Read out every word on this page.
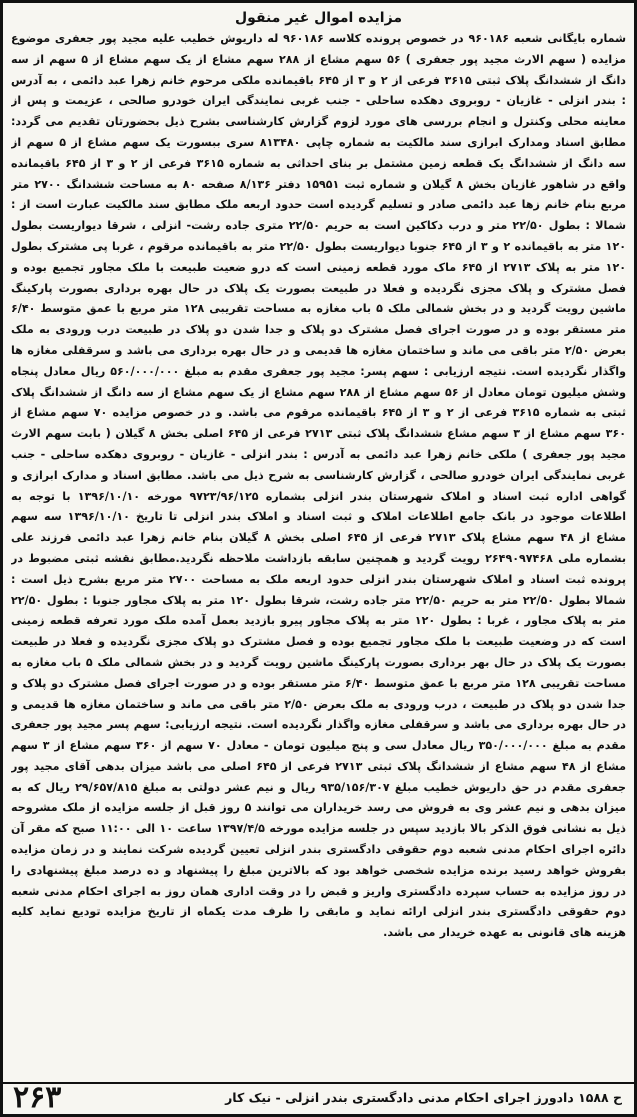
مزایده اموال غیر منقول
شماره بایگانی شعبه ۹۶۰۱۸۶ در خصوص پرونده کلاسه ۹۶۰۱۸۶ له داریوش خطیب علیه مجید پور جعفری موضوع مزایده ( سهم الارث مجید پور جعفری ) ۵۶ سهم مشاع از ۲۸۸ سهم مشاع از یک سهم مشاع از ۵ سهم از سه دانگ از ششدانگ پلاک ثبتی ۳۶۱۵ فرعی از ۲ و ۳ از ۶۴۵ باقیمانده ملکی مرحوم خانم زهرا عبد دائمی ، به آدرس : بندر انزلی - غازیان - روبروی دهکده ساحلی - جنب غربی نمایندگی ایران خودرو صالحی ، عزیمت و پس از معاینه محلی وکنترل و انجام بررسی های مورد لزوم گزارش کارشناسی بشرح ذیل بحضورتان تقدیم می گردد: مطابق اسناد ومدارک ابرازی سند مالکیت به شماره چاپی ۸۱۳۴۸۰ سری ببسورت یک سهم مشاع از ۵ سهم از سه دانگ از ششدانگ یک قطعه زمین مشتمل بر بنای احداثی به شماره ۳۶۱۵ فرعی از ۲ و ۳ از ۶۴۵ باقیمانده واقع در شاهور غازیان بخش ۸ گیلان و شماره ثبت ۱۵۹۵۱ دفتر ۸/۱۳۶ صفحه ۸۰ به مساحت ششدانگ ۲۷۰۰ متر مربع بنام خانم زها عبد دائمی صادر و تسلیم گردیده است حدود اربعه ملک مطابق سند مالکیت عبارت است از : شمالا : بطول ۲۲/۵۰ متر و درب دکاکین است به حریم ۲۲/۵۰ متری جاده رشت- انزلی ، شرقا دیواریست بطول ۱۲۰ متر به باقیمانده ۲ و ۳ از ۶۴۵ جنوبا دیواریست بطول ۲۲/۵۰ متر به باقیمانده مرقوم ، غربا پی مشترک بطول ۱۲۰ متر به پلاک ۲۷۱۳ از ۶۴۵ ماک مورد قطعه زمینی است که درو ضعیت طبیعت با ملک مجاور تجمیع بوده و فصل مشترک و پلاک مجزی نگردیده و فعلا در طبیعت بصورت یک پلاک در حال بهره برداری بصورت پارکینگ ماشین رویت گردید و در بخش شمالی ملک ۵ باب مغازه به مساحت تقریبی ۱۲۸ متر مربع با عمق متوسط ۶/۴۰ متر مستقر بوده و در صورت اجرای فصل مشترک دو پلاک و جدا شدن دو پلاک در طبیعت درب ورودی به ملک بعرض ۲/۵۰ متر باقی می ماند و ساختمان مغازه ها قدیمی و در حال بهره برداری می باشد و سرقفلی مغازه ها واگذار نگردیده است. نتیجه ارزیابی : سهم پسر: مجید پور جعفری مقدم به مبلغ ۵۶۰/۰۰۰/۰۰۰ ریال معادل پنجاه وشش میلیون تومان معادل از ۵۶ سهم مشاع از ۲۸۸ سهم مشاع از یک سهم مشاع از سه دانگ از ششدانگ پلاک ثبتی به شماره ۳۶۱۵ فرعی از ۲ و ۳ از ۶۴۵ باقیمانده مرقوم می باشد. و در خصوص مزایده ۷۰ سهم مشاع از ۳۶۰ سهم مشاع از ۳ سهم مشاع ششدانگ پلاک ثبتی ۲۷۱۳ فرعی از ۶۴۵ اصلی بخش ۸ گیلان ( بابت سهم الارث مجید پور جعفری ) ملکی خانم زهرا عبد دائمی به آدرس : بندر انزلی - غازیان - روبروی دهکده ساحلی - جنب غربی نمایندگی ایران خودرو صالحی ، گزارش کارشناسی به شرح ذیل می باشد. مطابق اسناد و مدارک ابرازی و گواهی اداره ثبت اسناد و املاک شهرستان بندر انزلی بشماره ۹۷۲۳/۹۶/۱۲۵ مورخه ۱۳۹۶/۱۰/۱۰ با توجه به اطلاعات موجود در بانک جامع اطلاعات املاک و ثبت اسناد و املاک بندر انزلی تا تاریخ ۱۳۹۶/۱۰/۱۰ سه سهم مشاع از ۴۸ سهم مشاع پلاک ۲۷۱۳ فرعی از ۶۴۵ اصلی بخش ۸ گیلان بنام خانم زهرا عبد دائمی فرزند علی بشماره ملی ۲۶۴۹۰۹۷۴۶۸ رویت گردید و همچنین سابقه بازداشت ملاحظه نگردید.مطابق نقشه ثبتی مضبوط در پرونده ثبت اسناد و املاک شهرستان بندر انزلی حدود اربعه ملک به مساحت ۲۷۰۰ متر مربع بشرح ذیل است : شمالا بطول ۲۲/۵۰ متر به حریم ۲۲/۵۰ متر جاده رشت، شرقا بطول ۱۲۰ متر به پلاک مجاور جنوبا : بطول ۲۲/۵۰ متر به پلاک مجاور ، غربا : بطول ۱۲۰ متر به پلاک مجاور پیرو بازدید بعمل آمده ملک مورد تعرفه قطعه زمینی است که در وضعیت طبیعت با ملک مجاور تجمیع بوده و فصل مشترک دو پلاک مجزی نگردیده و فعلا در طبیعت بصورت یک پلاک در حال بهر برداری بصورت پارکینگ ماشین رویت گردید و در بخش شمالی ملک ۵ باب مغازه به مساحت تقریبی ۱۲۸ متر مربع با عمق متوسط ۶/۴۰ متر مستقر بوده و در صورت اجرای فصل مشترک دو پلاک و جدا شدن دو پلاک در طبیعت ، درب ورودی به ملک بعرض ۲/۵۰ متر باقی می ماند و ساختمان مغازه ها قدیمی و در حال بهره برداری می باشد و سرقفلی مغازه واگذار نگردیده است. نتیجه ارزیابی: سهم پسر مجید پور جعفری مقدم به مبلغ ۳۵۰/۰۰۰/۰۰۰ ریال معادل سی و پنج میلیون تومان - معادل ۷۰ سهم از ۳۶۰ سهم مشاع از ۳ سهم مشاع از ۴۸ سهم مشاع از ششدانگ پلاک ثبتی ۲۷۱۳ فرعی از ۶۴۵ اصلی می باشد میزان بدهی آقای مجید پور جعفری مقدم در حق داریوش خطیب مبلغ ۹۳۵/۱۵۶/۳۰۷ ریال و نیم عشر دولتی به مبلغ ۲۹/۶۵۷/۸۱۵ ریال که به میزان بدهی و نیم عشر وی به فروش می رسد خریداران می توانند ۵ روز قبل از جلسه مزایده از ملک مشروحه ذیل به نشانی فوق الذکر بالا بازدید سپس در جلسه مزایده مورخه ۱۳۹۷/۴/۵ ساعت ۱۰ الی ۱۱:۰۰ صبح که مقر آن دائره اجرای احکام مدنی شعبه دوم حقوقی دادگستری بندر انزلی تعیین گردیده شرکت نمایند و در زمان مزایده بفروش خواهد رسید برنده مزایده شخصی خواهد بود که بالاترین مبلغ را پیشنهاد و ده درصد مبلغ پیشنهادی را در روز مزایده به حساب سپرده دادگستری واریز و قبض را در وقت اداری همان روز به اجرای احکام مدنی شعبه دوم حقوقی دادگستری بندر انزلی ارائه نماید و مابقی را ظرف مدت یکماه از تاریخ مزایده تودیع نماید کلیه هزینه های قانونی به عهده خریدار می باشد.
ح ۱۵۸۸ دادورز اجرای احکام مدنی دادگستری بندر انزلی - نیک کار
۲۶۳
